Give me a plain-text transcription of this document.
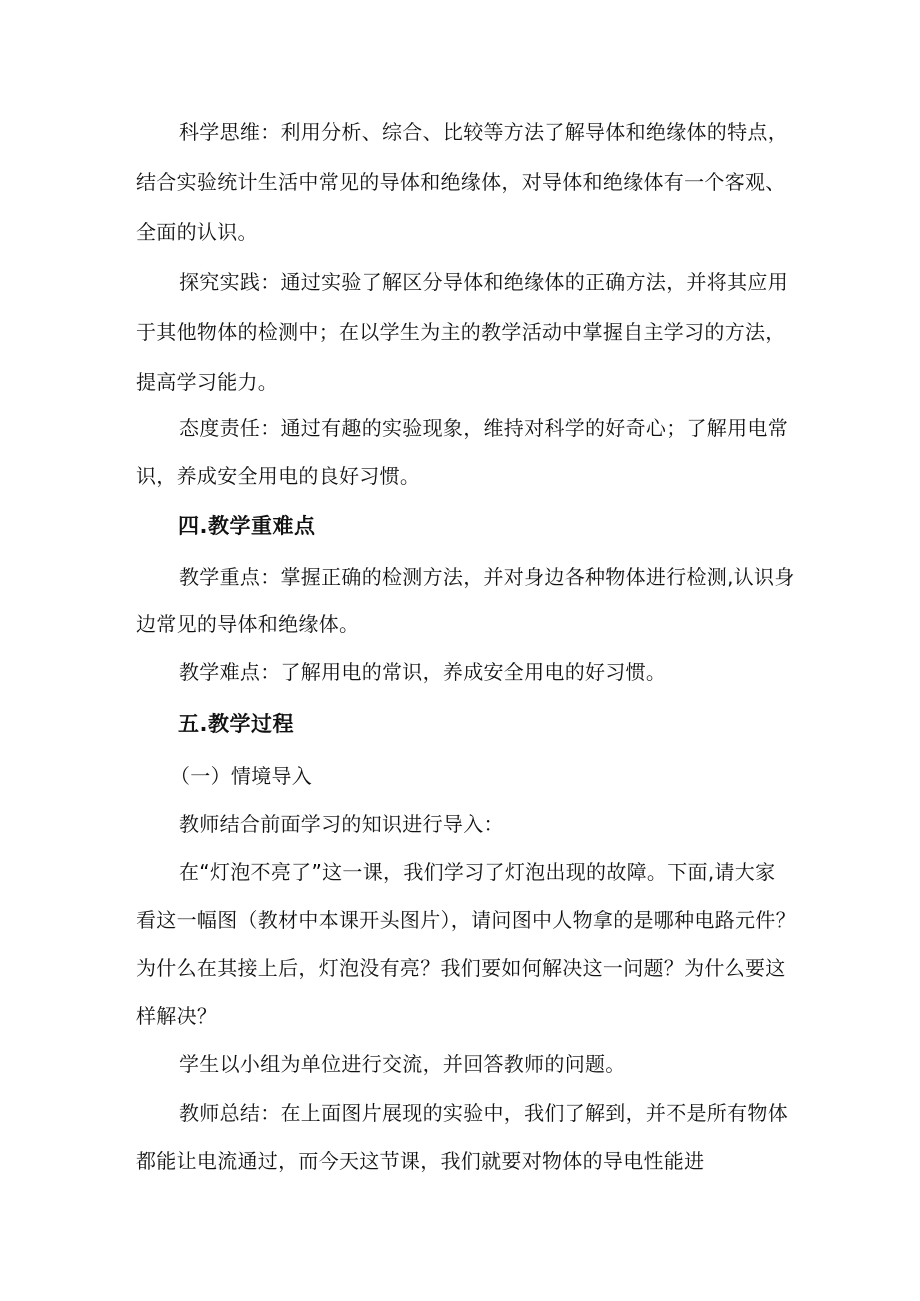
科学思维：利用分析、综合、比较等方法了解导体和绝缘体的特点，

结合实验统计生活中常见的导体和绝缘体，对导体和绝缘体有一个客观、

全面的认识。

探究实践：通过实验了解区分导体和绝缘体的正确方法，并将其应用

于其他物体的检测中；在以学生为主的教学活动中掌握自主学习的方法，

提高学习能力。

态度责任：通过有趣的实验现象，维持对科学的好奇心；了解用电常

识，养成安全用电的良好习惯。

四.教学重难点

教学重点：掌握正确的检测方法，并对身边各种物体进行检测,认识身

边常见的导体和绝缘体。

教学难点：了解用电的常识，养成安全用电的好习惯。

五.教学过程

（一）情境导入

教师结合前面学习的知识进行导入：

在“灯泡不亮了”这一课，我们学习了灯泡出现的故障。下面,请大家

看这一幅图（教材中本课开头图片），请问图中人物拿的是哪种电路元件？

为什么在其接上后，灯泡没有亮？我们要如何解决这一问题？为什么要这

样解决？

学生以小组为单位进行交流，并回答教师的问题。

教师总结：在上面图片展现的实验中，我们了解到，并不是所有物体

都能让电流通过，而今天这节课，我们就要对物体的导电性能进
